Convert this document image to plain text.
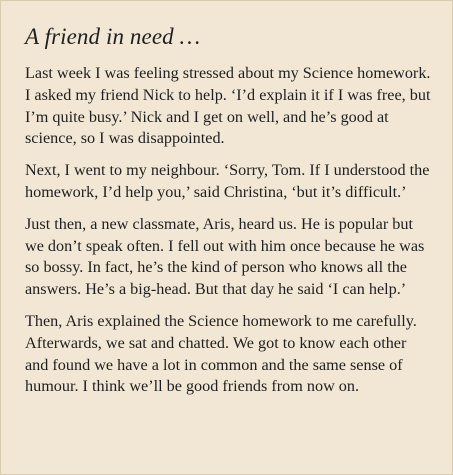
A friend in need …

Last week I was feeling stressed about my Science homework. I asked my friend Nick to help. ‘I’d explain it if I was free, but I’m quite busy.’ Nick and I get on well, and he’s good at science, so I was disappointed.

Next, I went to my neighbour. ‘Sorry, Tom. If I understood the homework, I’d help you,’ said Christina, ‘but it’s difficult.’

Just then, a new classmate, Aris, heard us. He is popular but we don’t speak often. I fell out with him once because he was so bossy. In fact, he’s the kind of person who knows all the answers. He’s a big-head. But that day he said ‘I can help.’

Then, Aris explained the Science homework to me carefully. Afterwards, we sat and chatted. We got to know each other and found we have a lot in common and the same sense of humour. I think we’ll be good friends from now on.
